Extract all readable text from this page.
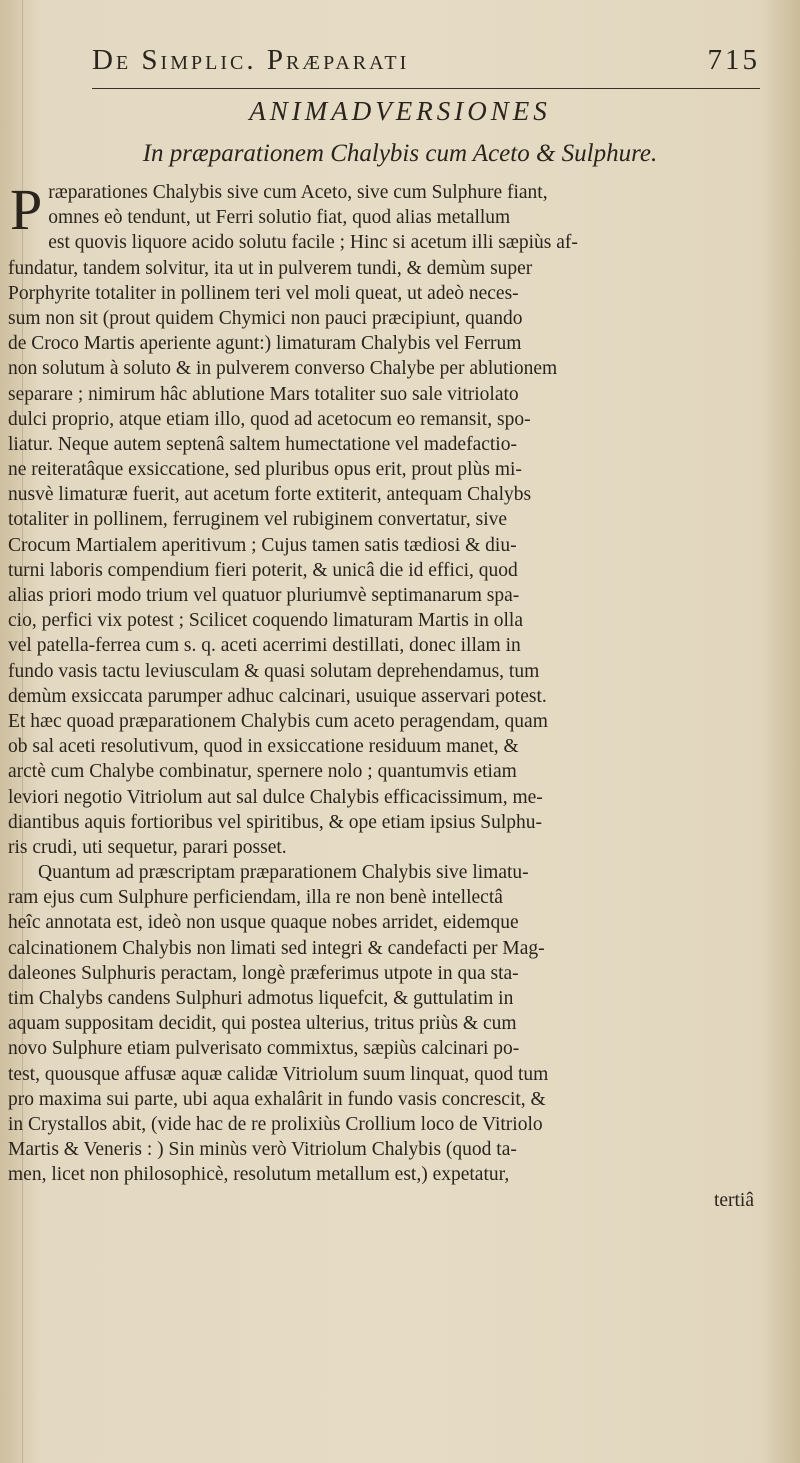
De Simplic. Præparati	715
ANIMADVERSIONES
In præparationem Chalybis cum Aceto & Sulphure.
P ræparationes Chalybis sive cum Aceto, sive cum Sulphure fiant,
omnes eò tendunt, ut Ferri solutio fiat, quod alias metallum
est quovis liquore acido solutu facile ; Hinc si acetum illi sæpiùs af-
fundatur, tandem solvitur, ita ut in pulverem tundi, & demùm super
Porphyrite totaliter in pollinem teri vel moli queat, ut adeò neces-
sum non sit (prout quidem Chymici non pauci præcipiunt, quando
de Croco Martis aperiente agunt:) limaturam Chalybis vel Ferrum
non solutum à soluto & in pulverem converso Chalybe per ablutionem
separare ; nimirum hâc ablutione Mars totaliter suo sale vitriolato
dulci proprio, atque etiam illo, quod ad acetocum eo remansit, spo-
liatur. Neque autem septenâ saltem humectatione vel madefactio-
ne reiteratâque exsiccatione, sed pluribus opus erit, prout plùs mi-
nusvè limaturæ fuerit, aut acetum forte extiterit, antequam Chalybs
totaliter in pollinem, ferruginem vel rubiginem convertatur, sive
Crocum Martialem aperitivum ; Cujus tamen satis tædiosi & diu-
turni laboris compendium fieri poterit, & unicâ die id effici, quod
alias priori modo trium vel quatuor pluriumvè septimanarum spa-
cio, perfici vix potest ; Scilicet coquendo limaturam Martis in olla
vel patella-ferrea cum s. q. aceti acerrimi destillati, donec illam in
fundo vasis tactu leviusculam & quasi solutam deprehendamus, tum
demùm exsiccata parumper adhuc calcinari, usuique asservari potest.
Et hæc quoad præparationem Chalybis cum aceto peragendam, quam
ob sal aceti resolutivum, quod in exsiccatione residuum manet, &
arctè cum Chalybe combinatur, spernere nolo ; quantumvis etiam
leviori negotio Vitriolum aut sal dulce Chalybis efficacissimum, me-
diantibus aquis fortioribus vel spiritibus, & ope etiam ipsius Sulphu-
ris crudi, uti sequetur, parari posset.
Quantum ad præscriptam præparationem Chalybis sive limatu-
ram ejus cum Sulphure perficiendam, illa re non benè intellectâ
heîc annotata est, ideò non usque quaque nobes arridet, eidemque
calcinationem Chalybis non limati sed integri & candefacti per Mag-
daleones Sulphuris peractam, longè præferimus utpote in qua sta-
tim Chalybs candens Sulphuri admotus liquefcit, & guttulatim in
aquam suppositam decidit, qui postea ulterius, tritus priùs & cum
novo Sulphure etiam pulverisato commixtus, sæpiùs calcinari po-
test, quousque affusæ aquæ calidæ Vitriolum suum linquat, quod tum
pro maxima sui parte, ubi aqua exhalârit in fundo vasis concrescit, &
in Crystallos abit, (vide hac de re prolixiùs Crollium loco de Vitriolo
Martis & Veneris : ) Sin minùs verò Vitriolum Chalybis (quod ta-
men, licet non philosophicè, resolutum metallum est,) expetatur,
tertiâ
